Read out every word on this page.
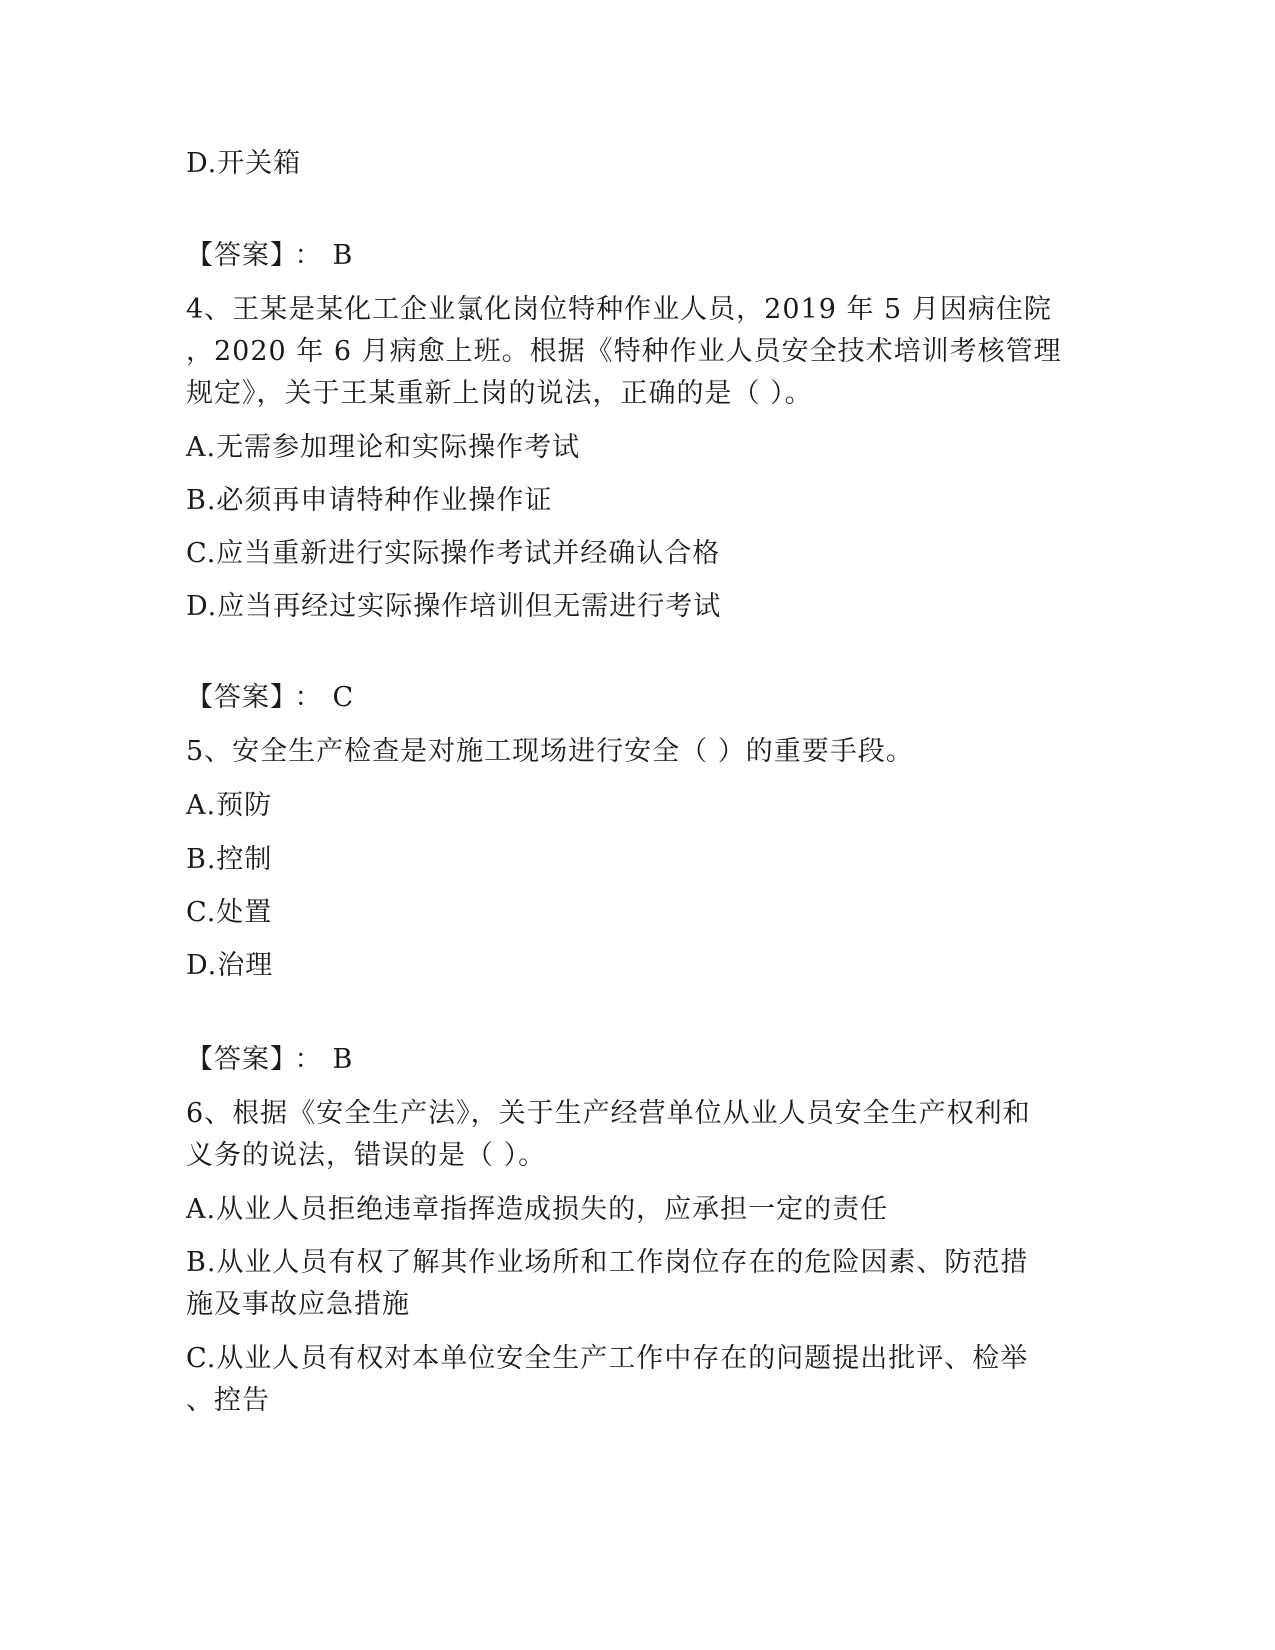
D.开关箱
【答案】 ： B
4、王某是某化工企业氯化岗位特种作业人员，2019 年 5 月因病住院
，2020 年 6 月病愈上班。根据《特种作业人员安全技术培训考核管理
规定》，关于王某重新上岗的说法，正确的是（ ）。
A.无需参加理论和实际操作考试
B.必须再申请特种作业操作证
C.应当重新进行实际操作考试并经确认合格
D.应当再经过实际操作培训但无需进行考试
【答案】 ： C
5、安全生产检查是对施工现场进行安全（ ）的重要手段。
A.预防
B.控制
C.处置
D.治理
【答案】 ： B
6、根据《安全生产法》，关于生产经营单位从业人员安全生产权利和
义务的说法，错误的是（ ）。
A.从业人员拒绝违章指挥造成损失的，应承担一定的责任
B.从业人员有权了解其作业场所和工作岗位存在的危险因素、防范措
施及事故应急措施
C.从业人员有权对本单位安全生产工作中存在的问题提出批评、检举
、控告
